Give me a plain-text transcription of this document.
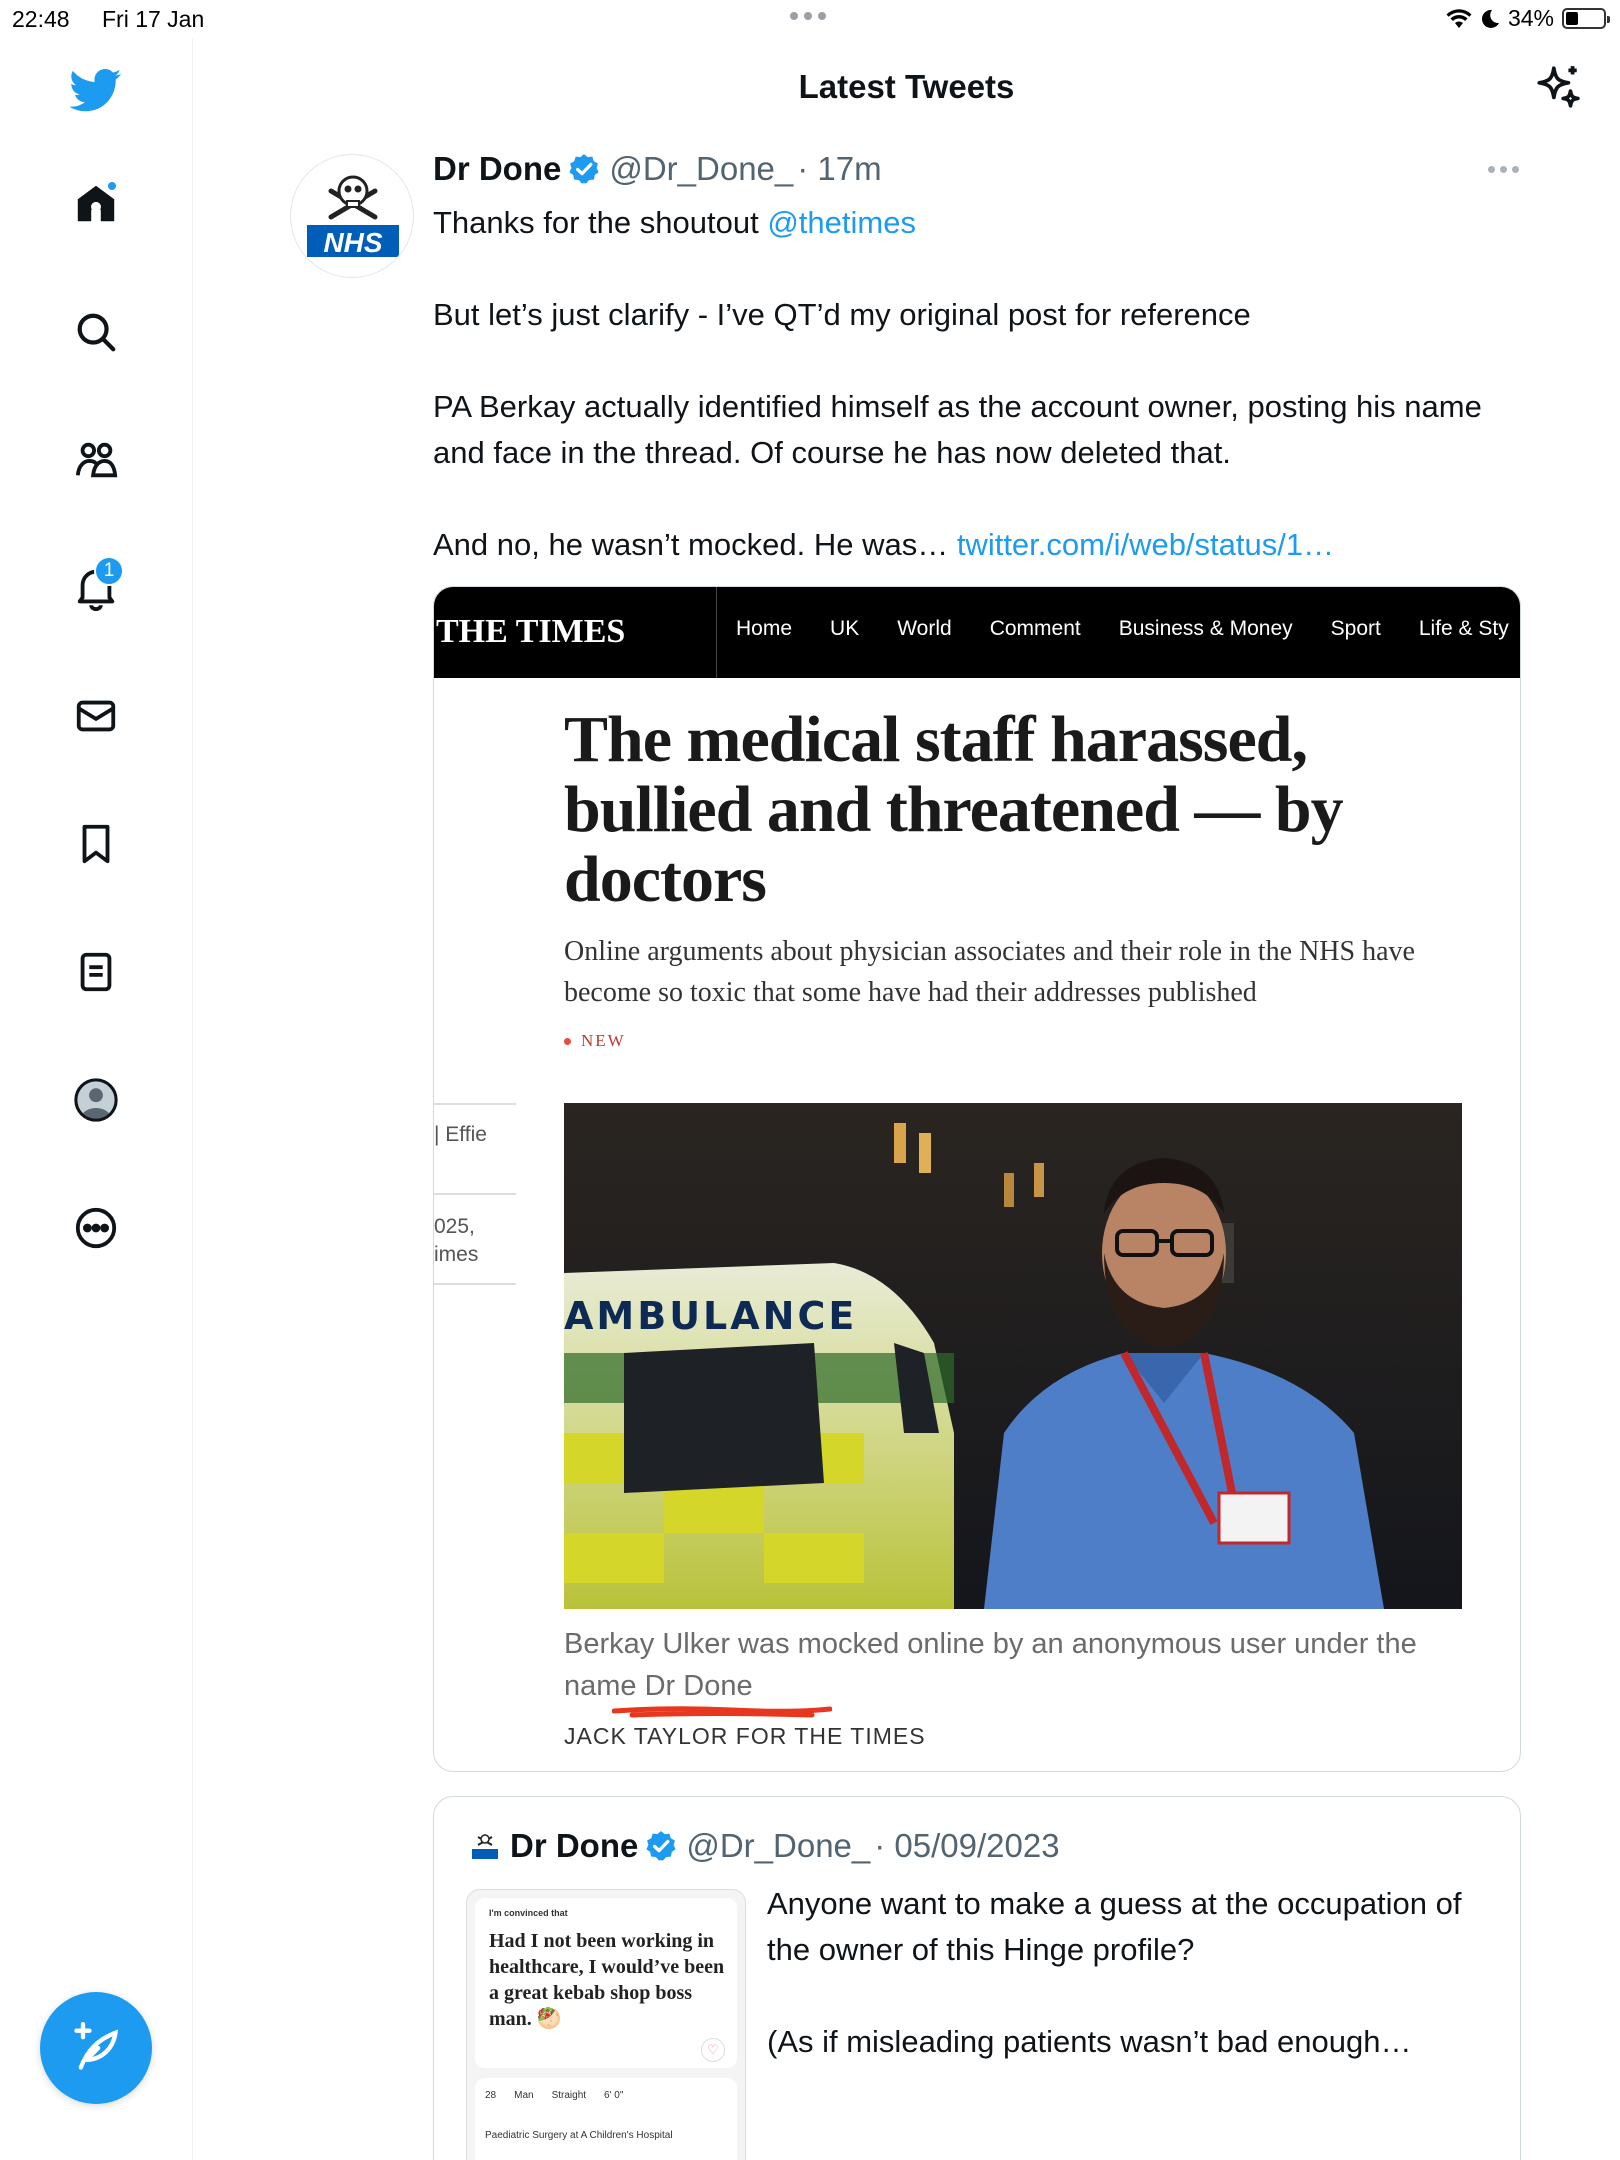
22:48 Fri 17 Jan	34%
1
Latest Tweets
NHS
Dr Done @Dr_Done_ · 17m

Thanks for the shoutout @thetimes

But let’s just clarify - I’ve QT’d my original post for reference

PA Berkay actually identified himself as the account owner, posting his name and face in the thread. Of course he has now deleted that.

And no, he wasn’t mocked. He was… twitter.com/i/web/status/1…

THE TIMES	Home UK World Comment Business & Money Sport Life & Sty
The medical staff harassed, bullied and threatened — by doctors
Online arguments about physician associates and their role in the NHS have become so toxic that some have had their addresses published
NEW
| Effie
025,
imes
AMBULANCE
Berkay Ulker was mocked online by an anonymous user under the name Dr Done
JACK TAYLOR FOR THE TIMES
Dr Done @Dr_Done_ · 05/09/2023
I'm convinced that
Had I not been working in healthcare, I would’ve been a great kebab shop boss man. 🥙
♡
28 Man Straight 6' 0"
Paediatric Surgery at A Children's Hospital

Anyone want to make a guess at the occupation of the owner of this Hinge profile?

(As if misleading patients wasn’t bad enough…
